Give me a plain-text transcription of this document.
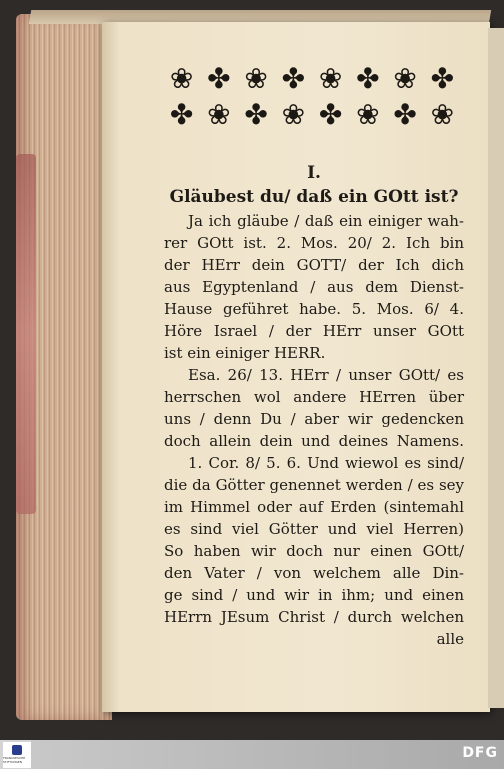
❀ ✤ ❀ ✤ ❀ ✤ ❀ ✤
✤ ❀ ✤ ❀ ✤ ❀ ✤ ❀
I.
Gläubest du/ daß ein GOtt ist?
Ja ich gläube / daß ein einiger wah-
rer GOtt ist. 2. Mos. 20/ 2. Ich bin
der HErr dein GOTT/ der Ich dich
aus Egyptenland / aus dem Dienst-
Hause geführet habe. 5. Mos. 6/ 4.
Höre Israel / der HErr unser GOtt
ist ein einiger HERR.
Esa. 26/ 13. HErr / unser GOtt/ es
herrschen wol andere HErren über
uns / denn Du / aber wir gedencken
doch allein dein und deines Namens.
1. Cor. 8/ 5. 6. Und wiewol es sind/
die da Götter genennet werden / es sey
im Himmel oder auf Erden (sintemahl
es sind viel Götter und viel Herren)
So haben wir doch nur einen GOtt/
den Vater / von welchem alle Din-
ge sind / und wir in ihm; und einen
HErrn JEsum Christ / durch welchen
alle
FRANCKESCHE STIFTUNGEN
DFG
